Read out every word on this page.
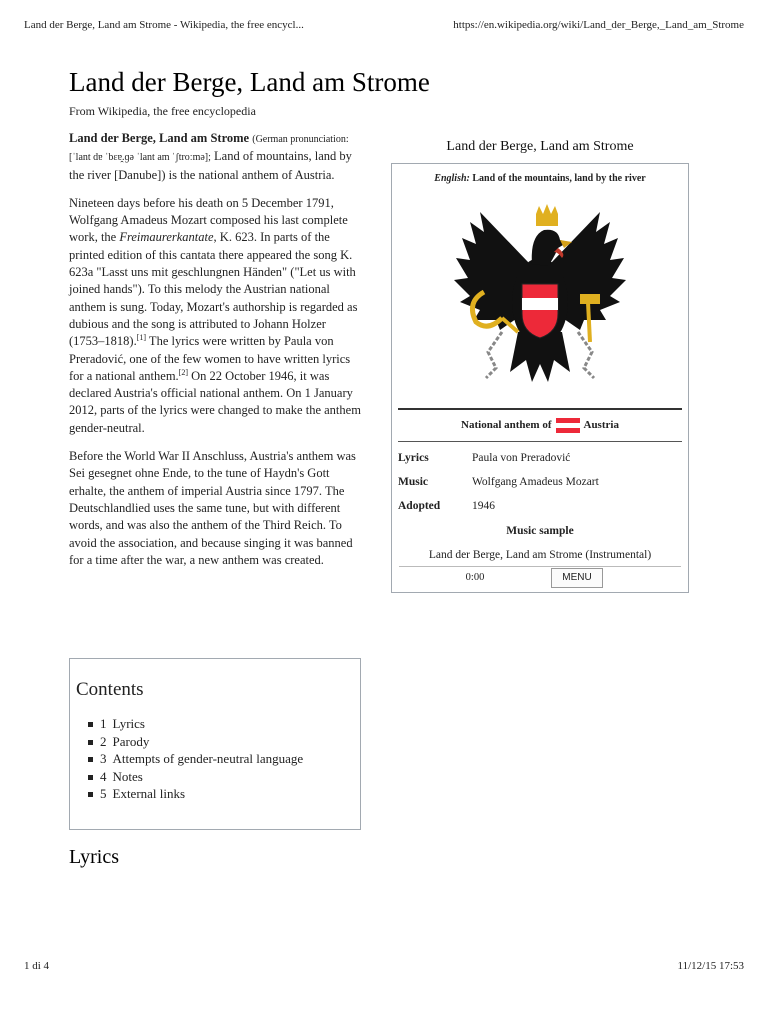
Land der Berge, Land am Strome - Wikipedia, the free encycl...	https://en.wikipedia.org/wiki/Land_der_Berge,_Land_am_Strome
Land der Berge, Land am Strome
From Wikipedia, the free encyclopedia
Land der Berge, Land am Strome
English: Land of the mountains, land by the river
National anthem of	Austria
Lyrics	Paula von Preradović
Music	Wolfgang Amadeus Mozart
Adopted	1946
Music sample
Land der Berge, Land am Strome (Instrumental)
0:00	MENU

Land der Berge, Land am Strome (German pronunciation: [ˈlant dɐ ˈbɛɐ̯.ɡə ˈlant am ˈʃtroːmə]; Land of mountains, land by the river [Danube]) is the national anthem of Austria.

Nineteen days before his death on 5 December 1791, Wolfgang Amadeus Mozart composed his last complete work, the Freimaurerkantate, K. 623. In parts of the printed edition of this cantata there appeared the song K. 623a "Lasst uns mit geschlungnen Händen" ("Let us with joined hands"). To this melody the Austrian national anthem is sung. Today, Mozart's authorship is regarded as dubious and the song is attributed to Johann Holzer (1753–1818).[1] The lyrics were written by Paula von Preradović, one of the few women to have written lyrics for a national anthem.[2] On 22 October 1946, it was declared Austria's official national anthem. On 1 January 2012, parts of the lyrics were changed to make the anthem gender-neutral.

Before the World War II Anschluss, Austria's anthem was Sei gesegnet ohne Ende, to the tune of Haydn's Gott erhalte, the anthem of imperial Austria since 1797. The Deutschlandlied uses the same tune, but with different words, and was also the anthem of the Third Reich. To avoid the association, and because singing it was banned for a time after the war, a new anthem was created.

Contents
1 Lyrics
2 Parody
3 Attempts of gender-neutral language
4 Notes
5 External links
Lyrics
1 di 4	11/12/15 17:53
